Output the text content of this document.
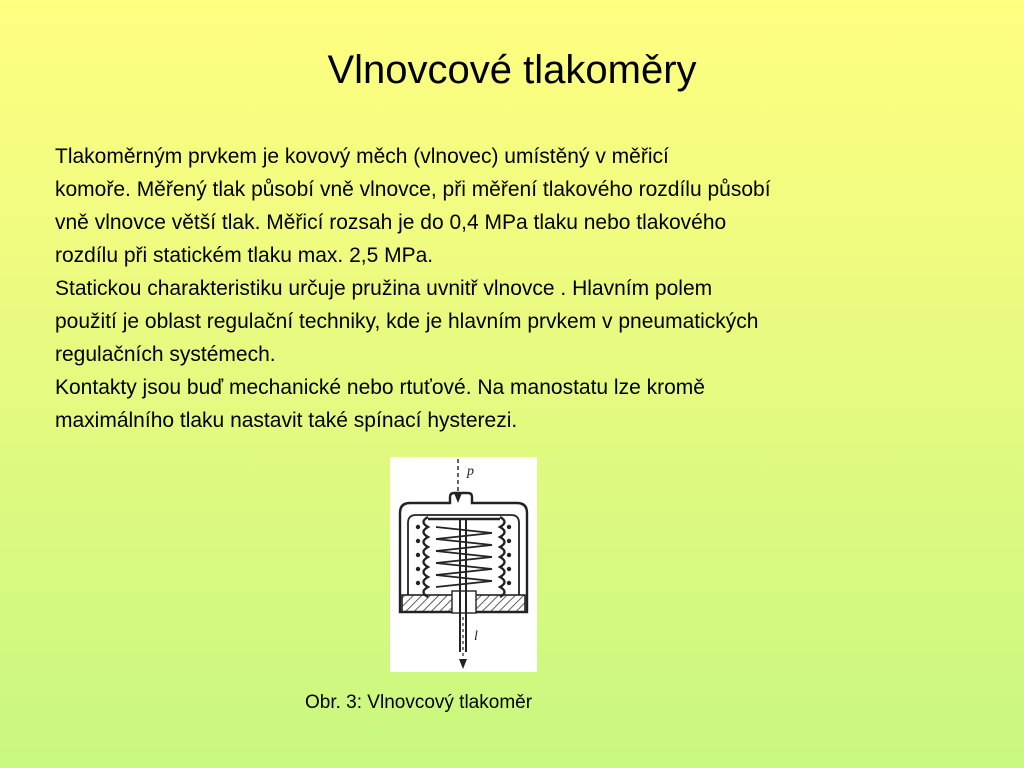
Vlnovcové tlakoměry

Tlakoměrným prvkem je kovový měch (vlnovec) umístěný v měřicí
komoře. Měřený tlak působí vně vlnovce, při měření tlakového rozdílu působí
vně vlnovce větší tlak. Měřicí rozsah je do 0,4 MPa tlaku nebo tlakového
rozdílu při statickém tlaku max. 2,5 MPa.

Statickou charakteristiku určuje pružina uvnitř vlnovce . Hlavním polem
použití je oblast regulační techniky, kde je hlavním prvkem v pneumatických
regulačních systémech.

Kontakty jsou buď mechanické nebo rtuťové. Na manostatu lze kromě
maximálního tlaku nastavit také spínací hysterezi.

p
l
Obr. 3: Vlnovcový tlakoměr
